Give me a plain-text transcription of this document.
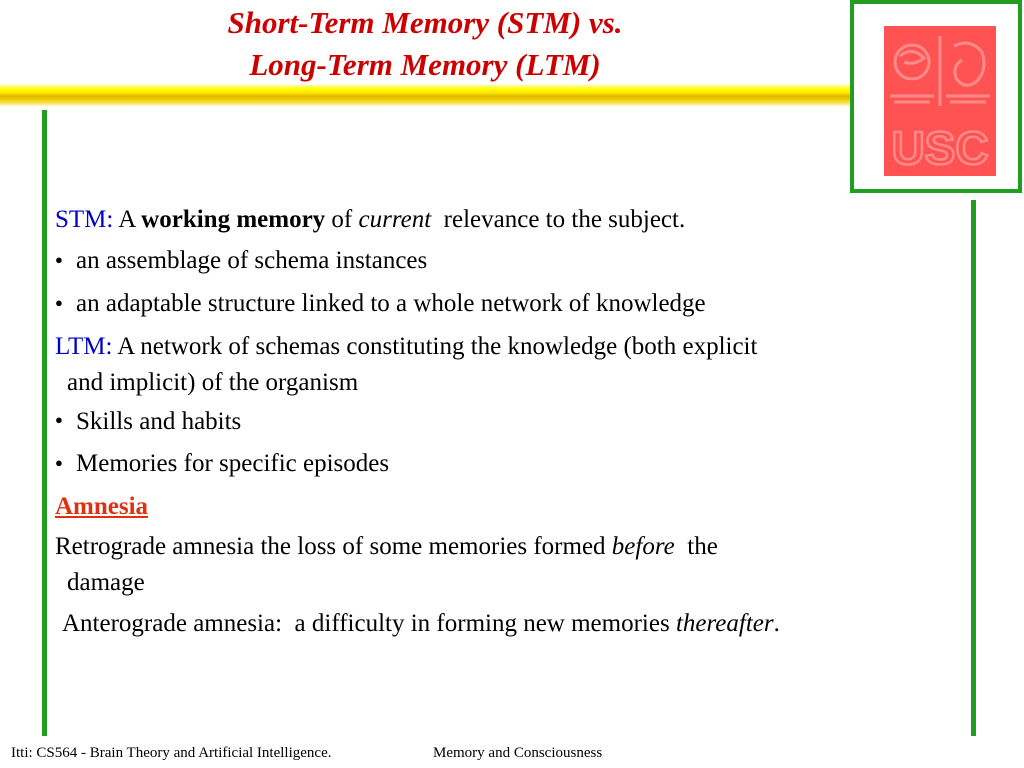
Short-Term Memory (STM) vs.
Long-Term Memory (LTM)
USC
STM: A working memory of current relevance to the subject.
● an assemblage of schema instances
● an adaptable structure linked to a whole network of knowledge
LTM: A network of schemas constituting the knowledge (both explicit
and implicit) of the organism
● Skills and habits
● Memories for specific episodes
Amnesia
Retrograde amnesia the loss of some memories formed before the
damage
Anterograde amnesia:  a difficulty in forming new memories thereafter.
Itti: CS564 - Brain Theory and Artificial Intelligence.	Memory and Consciousness
